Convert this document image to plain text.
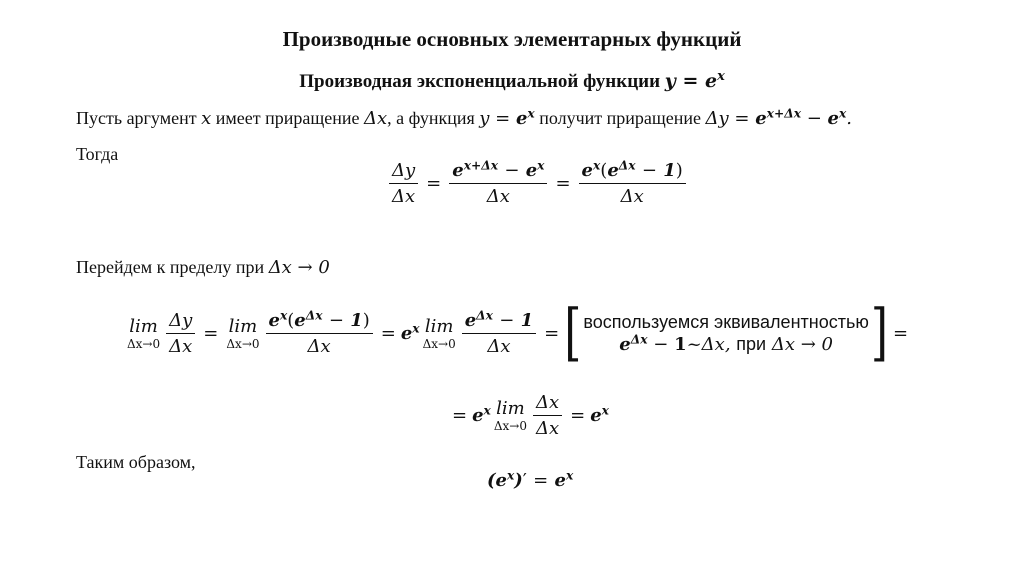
Производные основных элементарных функций
Производная экспоненциальной функции $y = e^x$
Пусть аргумент x имеет приращение Δx, а функция $y = e^x$ получит приращение $\Delta y = e^{x+\Delta x} - e^x$.
Тогда
$\frac{\Delta y}{\Delta x} = \frac{e^{x+\Delta x} - e^x}{\Delta x} = \frac{e^x(e^{\Delta x} - 1)}{\Delta x}$
Перейдем к пределу при Δx → 0
lim
$\Delta x\to 0 \frac{\Delta y}{\Delta x} = \lim$
$\Delta x\to 0 \frac{e^x(e^{\Delta x} - 1)}{\Delta x} = e^x$ lim
$\Delta x\to 0 \frac{e^{\Delta x} - 1}{\Delta x}$ = [ воспользуемся эквивалентностью
$e^{\Delta x}$ − 1~Δx, при Δx → 0 ] =
= $e^x$ lim
$\Delta x\to 0 \frac{\Delta x}{\Delta x} = e^x$
Таким образом,
$(e^x)' = e^x$
